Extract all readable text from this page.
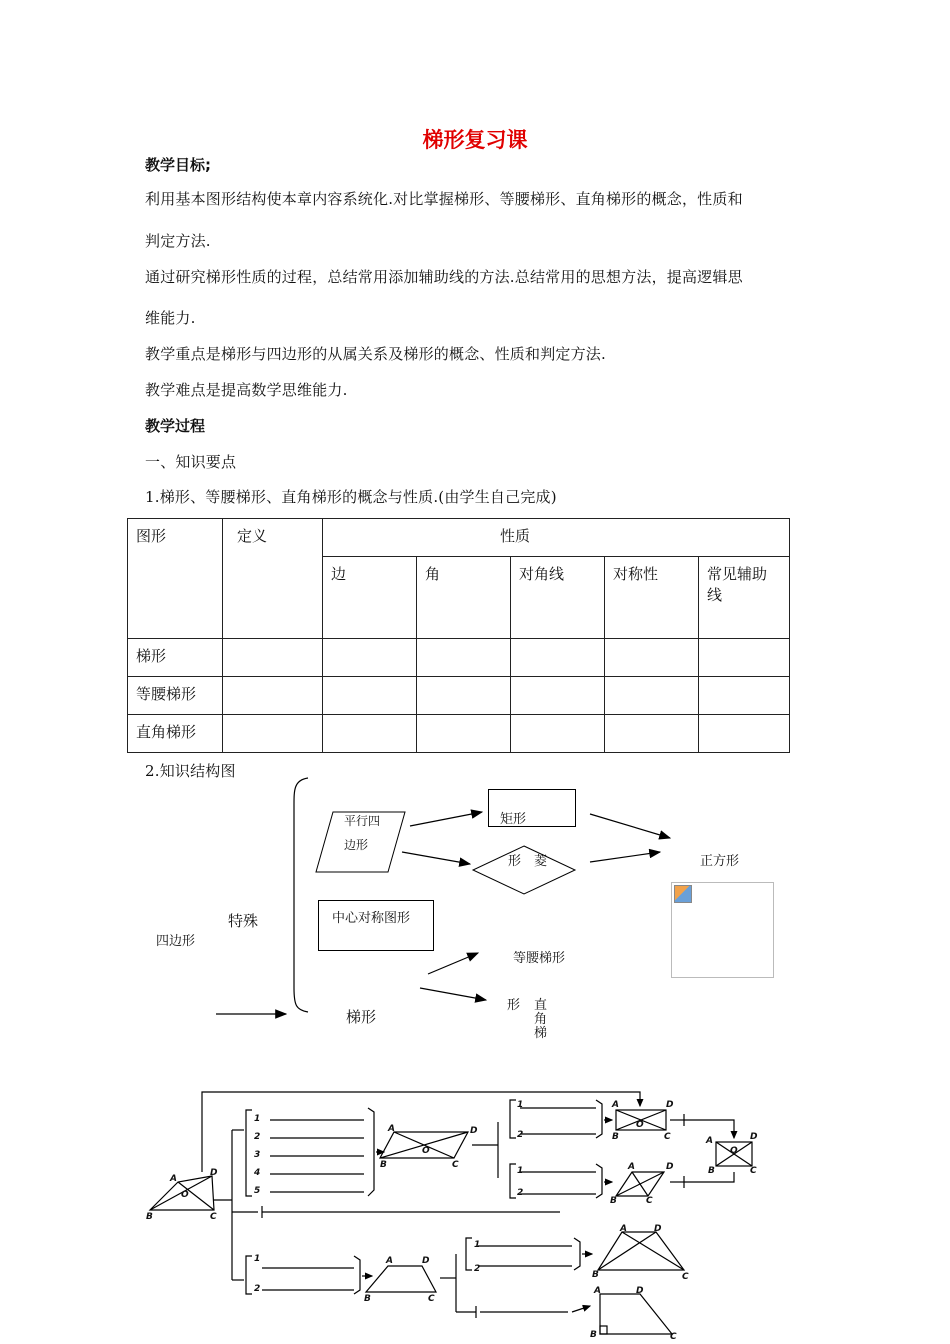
梯形复习课
教学目标;
利用基本图形结构使本章内容系统化.对比掌握梯形、等腰梯形、直角梯形的概念，性质和
判定方法.
通过研究梯形性质的过程，总结常用添加辅助线的方法.总结常用的思想方法，提高逻辑思
维能力.
教学重点是梯形与四边形的从属关系及梯形的概念、性质和判定方法.
教学难点是提高数学思维能力.
教学过程
一、知识要点
1.梯形、等腰梯形、直角梯形的概念与性质.(由学生自己完成)
图形	定义	性质				
		边	角	对角线	对称性	常见辅助线
梯形						
等腰梯形						
直角梯形						
2.知识结构图
平行四
边形
矩形
形　菱	正方形
中心对称图形
特殊
四边形
等腰梯形
梯形
形 直
角
梯
1
2
3
4
5
1
2
1
2
1
2
1
2
A
D
O
B	C
A	D
O
B	C
A	D
O
B	C
A	D
B	C
A	D
O
B	C
A	D
B	C
A	D
B	C
A	D
B	C
